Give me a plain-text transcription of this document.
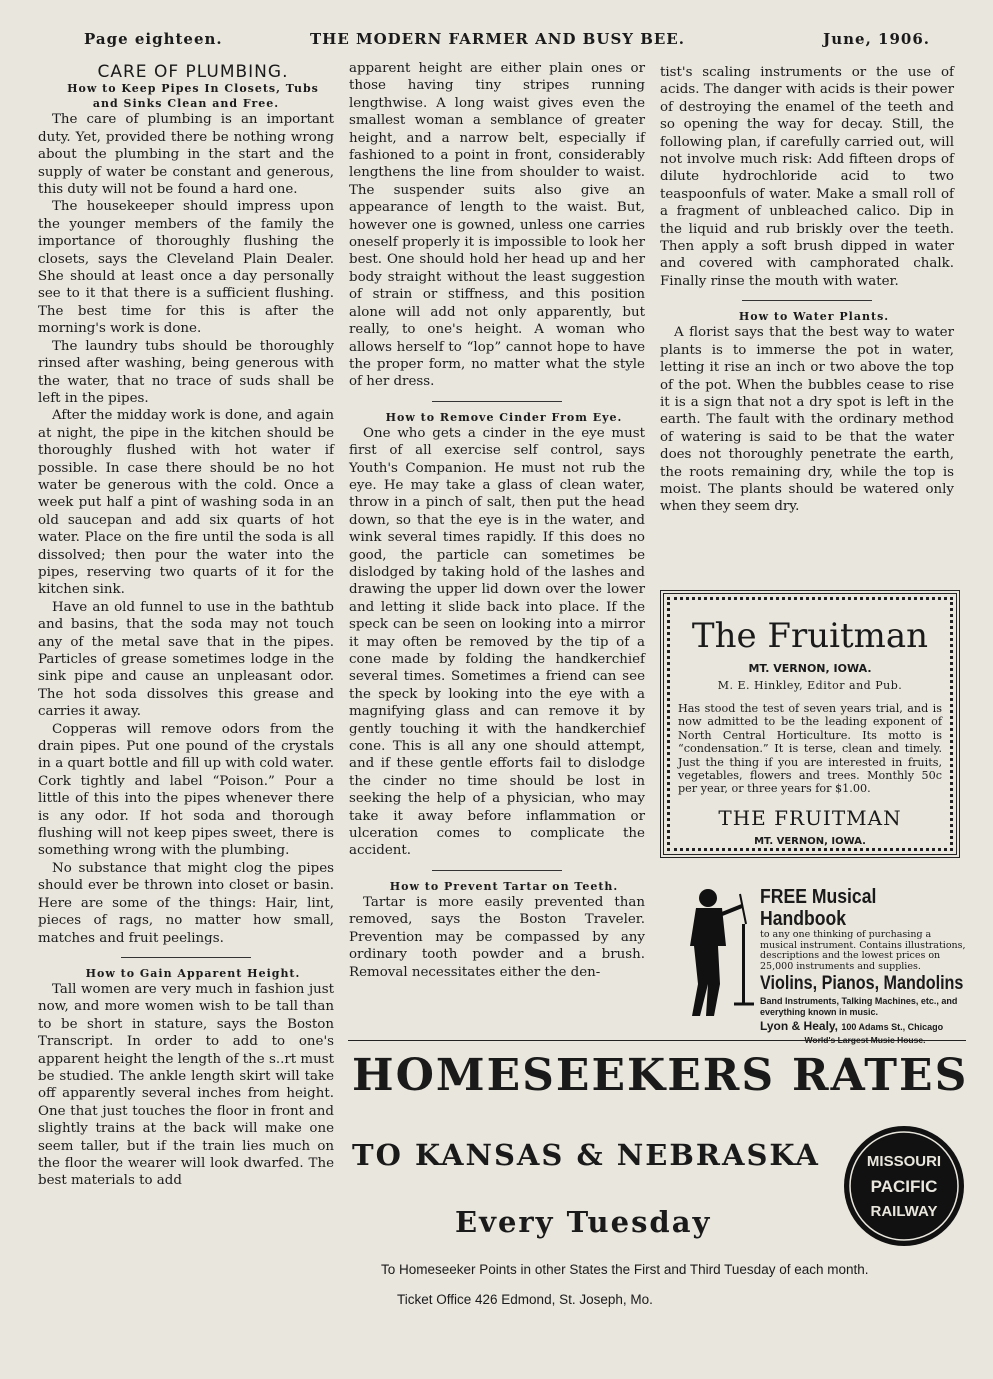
Page eighteen.	THE MODERN FARMER AND BUSY BEE.	June, 1906.

CARE OF PLUMBING.

How to Keep Pipes In Closets, Tubs and Sinks Clean and Free.

The care of plumbing is an important duty. Yet, provided there be nothing wrong about the plumbing in the start and the supply of water be constant and generous, this duty will not be found a hard one.

The housekeeper should impress upon the younger members of the family the importance of thoroughly flushing the closets, says the Cleveland Plain Dealer. She should at least once a day personally see to it that there is a sufficient flushing. The best time for this is after the morning's work is done.

The laundry tubs should be thoroughly rinsed after washing, being generous with the water, that no trace of suds shall be left in the pipes.

After the midday work is done, and again at night, the pipe in the kitchen should be thoroughly flushed with hot water if possible. In case there should be no hot water be generous with the cold. Once a week put half a pint of washing soda in an old saucepan and add six quarts of hot water. Place on the fire until the soda is all dissolved; then pour the water into the pipes, reserving two quarts of it for the kitchen sink.

Have an old funnel to use in the bathtub and basins, that the soda may not touch any of the metal save that in the pipes. Particles of grease sometimes lodge in the sink pipe and cause an unpleasant odor. The hot soda dissolves this grease and carries it away.

Copperas will remove odors from the drain pipes. Put one pound of the crystals in a quart bottle and fill up with cold water. Cork tightly and label “Poison.” Pour a little of this into the pipes whenever there is any odor. If hot soda and thorough flushing will not keep pipes sweet, there is something wrong with the plumbing.

No substance that might clog the pipes should ever be thrown into closet or basin. Here are some of the things: Hair, lint, pieces of rags, no matter how small, matches and fruit peelings.

How to Gain Apparent Height.

Tall women are very much in fashion just now, and more women wish to be tall than to be short in stature, says the Boston Transcript. In order to add to one's apparent height the length of the s..rt must be studied. The ankle length skirt will take off apparently several inches from height. One that just touches the floor in front and slightly trains at the back will make one seem taller, but if the train lies much on the floor the wearer will look dwarfed. The best materials to add

apparent height are either plain ones or those having tiny stripes running lengthwise. A long waist gives even the smallest woman a semblance of greater height, and a narrow belt, especially if fashioned to a point in front, considerably lengthens the line from shoulder to waist. The suspender suits also give an appearance of length to the waist. But, however one is gowned, unless one carries oneself properly it is impossible to look her best. One should hold her head up and her body straight without the least suggestion of strain or stiffness, and this position alone will add not only apparently, but really, to one's height. A woman who allows herself to “lop” cannot hope to have the proper form, no matter what the style of her dress.

How to Remove Cinder From Eye.

One who gets a cinder in the eye must first of all exercise self control, says Youth's Companion. He must not rub the eye. He may take a glass of clean water, throw in a pinch of salt, then put the head down, so that the eye is in the water, and wink several times rapidly. If this does no good, the particle can sometimes be dislodged by taking hold of the lashes and drawing the upper lid down over the lower and letting it slide back into place. If the speck can be seen on looking into a mirror it may often be removed by the tip of a cone made by folding the handkerchief several times. Sometimes a friend can see the speck by looking into the eye with a magnifying glass and can remove it by gently touching it with the handkerchief cone. This is all any one should attempt, and if these gentle efforts fail to dislodge the cinder no time should be lost in seeking the help of a physician, who may take it away before inflammation or ulceration comes to complicate the accident.

How to Prevent Tartar on Teeth.

Tartar is more easily prevented than removed, says the Boston Traveler. Prevention may be compassed by any ordinary tooth powder and a brush. Removal necessitates either the den-

tist's scaling instruments or the use of acids. The danger with acids is their power of destroying the enamel of the teeth and so opening the way for decay. Still, the following plan, if carefully carried out, will not involve much risk: Add fifteen drops of dilute hydrochloride acid to two teaspoonfuls of water. Make a small roll of a fragment of unbleached calico. Dip in the liquid and rub briskly over the teeth. Then apply a soft brush dipped in water and covered with camphorated chalk. Finally rinse the mouth with water.

How to Water Plants.

A florist says that the best way to water plants is to immerse the pot in water, letting it rise an inch or two above the top of the pot. When the bubbles cease to rise it is a sign that not a dry spot is left in the earth. The fault with the ordinary method of watering is said to be that the water does not thoroughly penetrate the earth, the roots remaining dry, while the top is moist. The plants should be watered only when they seem dry.

The Fruitman
MT. VERNON, IOWA.
M. E. Hinkley, Editor and Pub.
Has stood the test of seven years trial, and is now admitted to be the leading exponent of North Central Horticulture. Its motto is “condensation.” It is terse, clean and timely. Just the thing if you are interested in fruits, vegetables, flowers and trees. Monthly 50c per year, or three years for $1.00.
THE FRUITMAN
MT. VERNON, IOWA.
FREE Musical Handbook
to any one thinking of purchasing a musical instrument. Contains illustrations, descriptions and the lowest prices on 25,000 instruments and supplies.
Violins, Pianos, Mandolins
Band Instruments, Talking Machines, etc., and everything known in music.
Lyon & Healy, 100 Adams St., Chicago
World's Largest Music House.
HOMESEEKERS RATES
TO KANSAS & NEBRASKA
Every Tuesday
To Homeseeker Points in other States the First and Third Tuesday of each month.
Ticket Office 426 Edmond, St. Joseph, Mo.
MISSOURI
PACIFIC
RAILWAY
